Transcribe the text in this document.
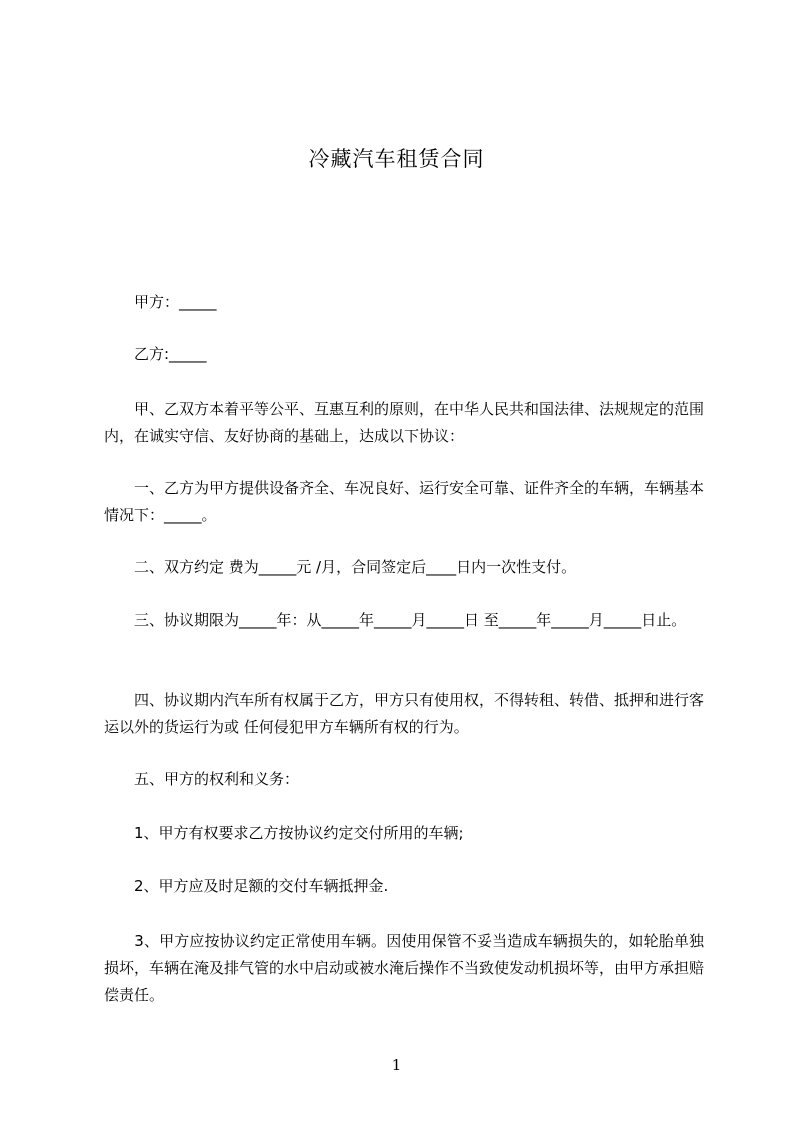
冷藏汽车租赁合同
　　甲方：_____
　　乙方:_____
　　甲、乙双方本着平等公平、互惠互利的原则，在中华人民共和国法律、法规规定的范围内，在诚实守信、友好协商的基础上，达成以下协议：
　　一、乙方为甲方提供设备齐全、车况良好、运行安全可靠、证件齐全的车辆，车辆基本情况下：_____。
　　二、双方约定 费为_____元 /月，合同签定后____日内一次性支付。
　　三、协议期限为_____年：从_____年_____月_____日 至_____年_____月_____日止。
　　四、协议期内汽车所有权属于乙方，甲方只有使用权，不得转租、转借、抵押和进行客运以外的货运行为或 任何侵犯甲方车辆所有权的行为。
　　五、甲方的权利和义务：
　　1、甲方有权要求乙方按协议约定交付所用的车辆;
　　2、甲方应及时足额的交付车辆抵押金.
　　3、甲方应按协议约定正常使用车辆。因使用保管不妥当造成车辆损失的，如轮胎单独损坏，车辆在淹及排气管的水中启动或被水淹后操作不当致使发动机损坏等，由甲方承担赔偿责任。
1
